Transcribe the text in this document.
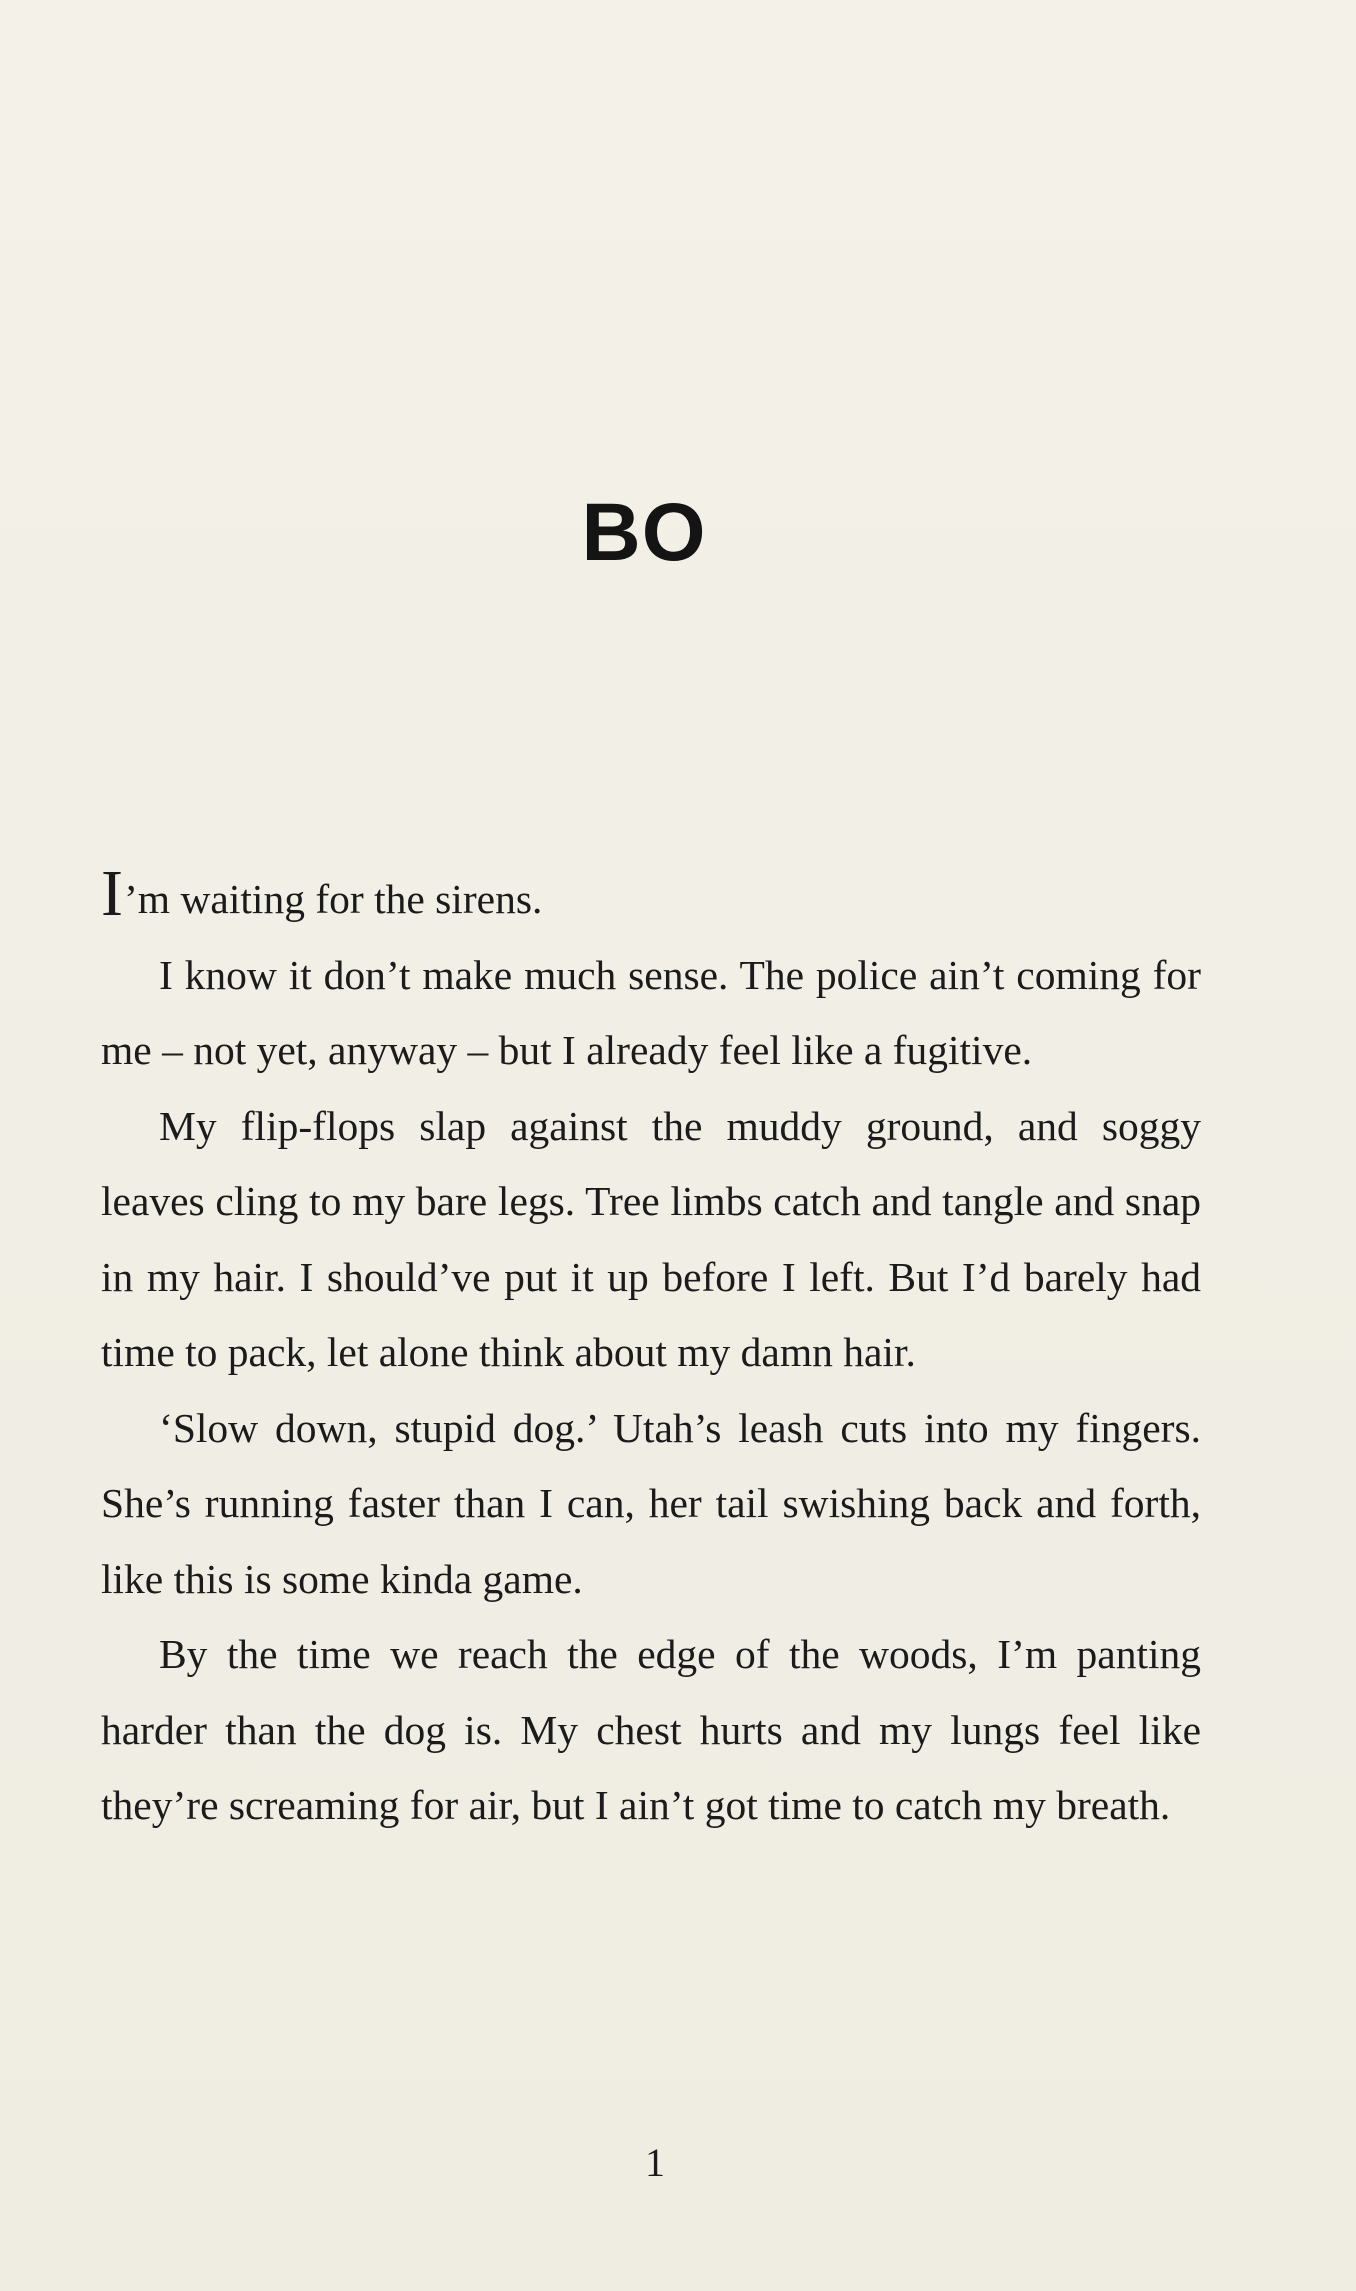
BO

I’m waiting for the sirens.

I know it don’t make much sense. The police ain’t coming for me – not yet, anyway – but I already feel like a fugitive.

My flip-flops slap against the muddy ground, and soggy leaves cling to my bare legs. Tree limbs catch and tangle and snap in my hair. I should’ve put it up before I left. But I’d barely had time to pack, let alone think about my damn hair.

‘Slow down, stupid dog.’ Utah’s leash cuts into my fingers. She’s running faster than I can, her tail swishing back and forth, like this is some kinda game.

By the time we reach the edge of the woods, I’m panting harder than the dog is. My chest hurts and my lungs feel like they’re screaming for air, but I ain’t got time to catch my breath.

1
